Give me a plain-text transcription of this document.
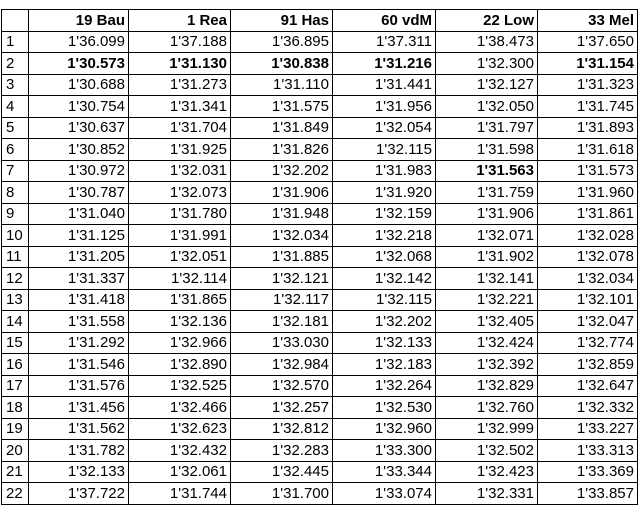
	19 Bau	1 Rea	91 Has	60 vdM	22 Low	33 Mel
1	1'36.099	1'37.188	1'36.895	1'37.311	1'38.473	1'37.650
2	1'30.573	1'31.130	1'30.838	1'31.216	1'32.300	1'31.154
3	1'30.688	1'31.273	1'31.110	1'31.441	1'32.127	1'31.323
4	1'30.754	1'31.341	1'31.575	1'31.956	1'32.050	1'31.745
5	1'30.637	1'31.704	1'31.849	1'32.054	1'31.797	1'31.893
6	1'30.852	1'31.925	1'31.826	1'32.115	1'31.598	1'31.618
7	1'30.972	1'32.031	1'32.202	1'31.983	1'31.563	1'31.573
8	1'30.787	1'32.073	1'31.906	1'31.920	1'31.759	1'31.960
9	1'31.040	1'31.780	1'31.948	1'32.159	1'31.906	1'31.861
10	1'31.125	1'31.991	1'32.034	1'32.218	1'32.071	1'32.028
11	1'31.205	1'32.051	1'31.885	1'32.068	1'31.902	1'32.078
12	1'31.337	1'32.114	1'32.121	1'32.142	1'32.141	1'32.034
13	1'31.418	1'31.865	1'32.117	1'32.115	1'32.221	1'32.101
14	1'31.558	1'32.136	1'32.181	1'32.202	1'32.405	1'32.047
15	1'31.292	1'32.966	1'33.030	1'32.133	1'32.424	1'32.774
16	1'31.546	1'32.890	1'32.984	1'32.183	1'32.392	1'32.859
17	1'31.576	1'32.525	1'32.570	1'32.264	1'32.829	1'32.647
18	1'31.456	1'32.466	1'32.257	1'32.530	1'32.760	1'32.332
19	1'31.562	1'32.623	1'32.812	1'32.960	1'32.999	1'33.227
20	1'31.782	1'32.432	1'32.283	1'33.300	1'32.502	1'33.313
21	1'32.133	1'32.061	1'32.445	1'33.344	1'32.423	1'33.369
22	1'37.722	1'31.744	1'31.700	1'33.074	1'32.331	1'33.857
